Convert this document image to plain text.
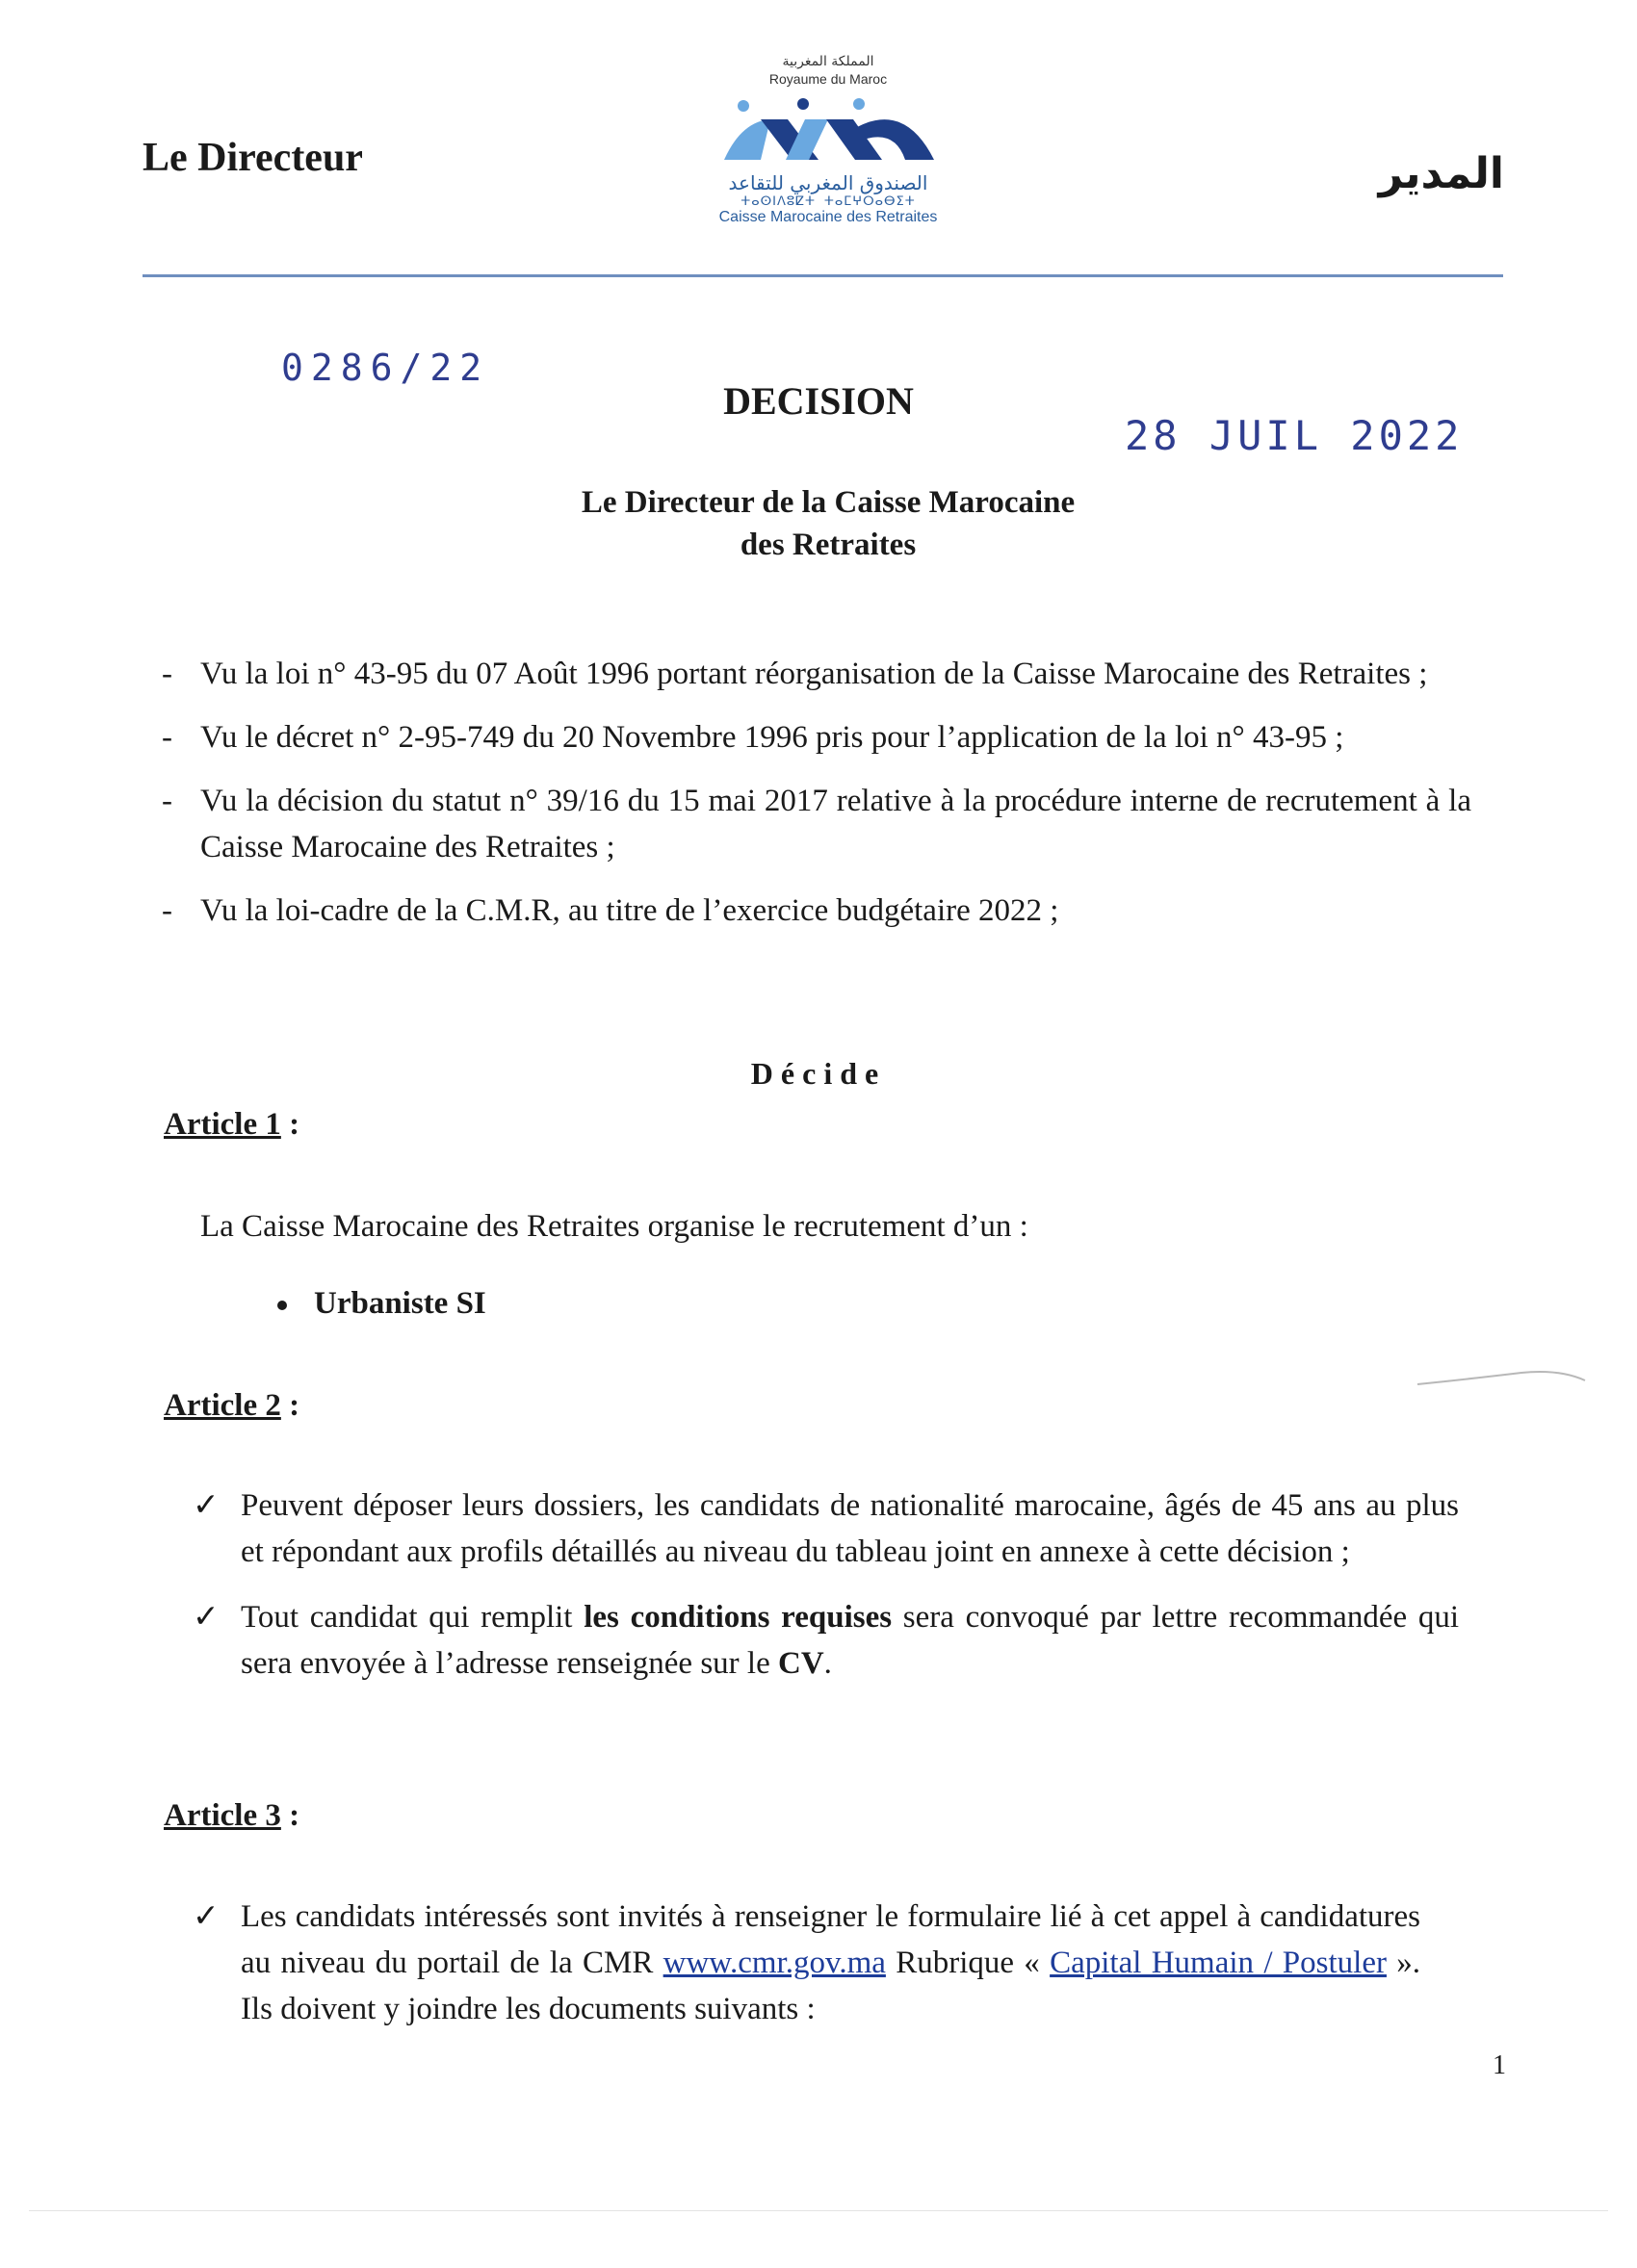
Le Directeur	المدير
المملكة المغربية
Royaume du Maroc
الصندوق المغربي للتقاعد
ⵜⴰⵙⵏⴷⵓⵇⵜ ⵜⴰⵎⵖⵔⴰⴱⵉⵜ
Caisse Marocaine des Retraites
0286/22
28 JUIL 2022
DECISION
Le Directeur de la Caisse Marocaine
des Retraites
- Vu la loi n° 43-95 du 07 Août 1996 portant réorganisation de la Caisse Marocaine des Retraites ;
- Vu le décret n° 2-95-749 du 20 Novembre 1996 pris pour l’application de la loi n° 43-95 ;
- Vu la décision du statut n° 39/16 du 15 mai 2017 relative à la procédure interne de recrutement à la Caisse Marocaine des Retraites ;
- Vu la loi-cadre de la C.M.R, au titre de l’exercice budgétaire 2022 ;
Décide
Article 1 :
La Caisse Marocaine des Retraites organise le recrutement d’un :
Urbaniste SI
Article 2 :
✓ Peuvent déposer leurs dossiers, les candidats de nationalité marocaine, âgés de 45 ans au plus et répondant aux profils détaillés au niveau du tableau joint en annexe à cette décision ;
✓ Tout candidat qui remplit les conditions requises sera convoqué par lettre recommandée qui sera envoyée à l’adresse renseignée sur le CV.
Article 3 :
✓ Les candidats intéressés sont invités à renseigner le formulaire lié à cet appel à candidatures au niveau du portail de la CMR www.cmr.gov.ma Rubrique « Capital Humain / Postuler ». Ils doivent y joindre les documents suivants :
1
